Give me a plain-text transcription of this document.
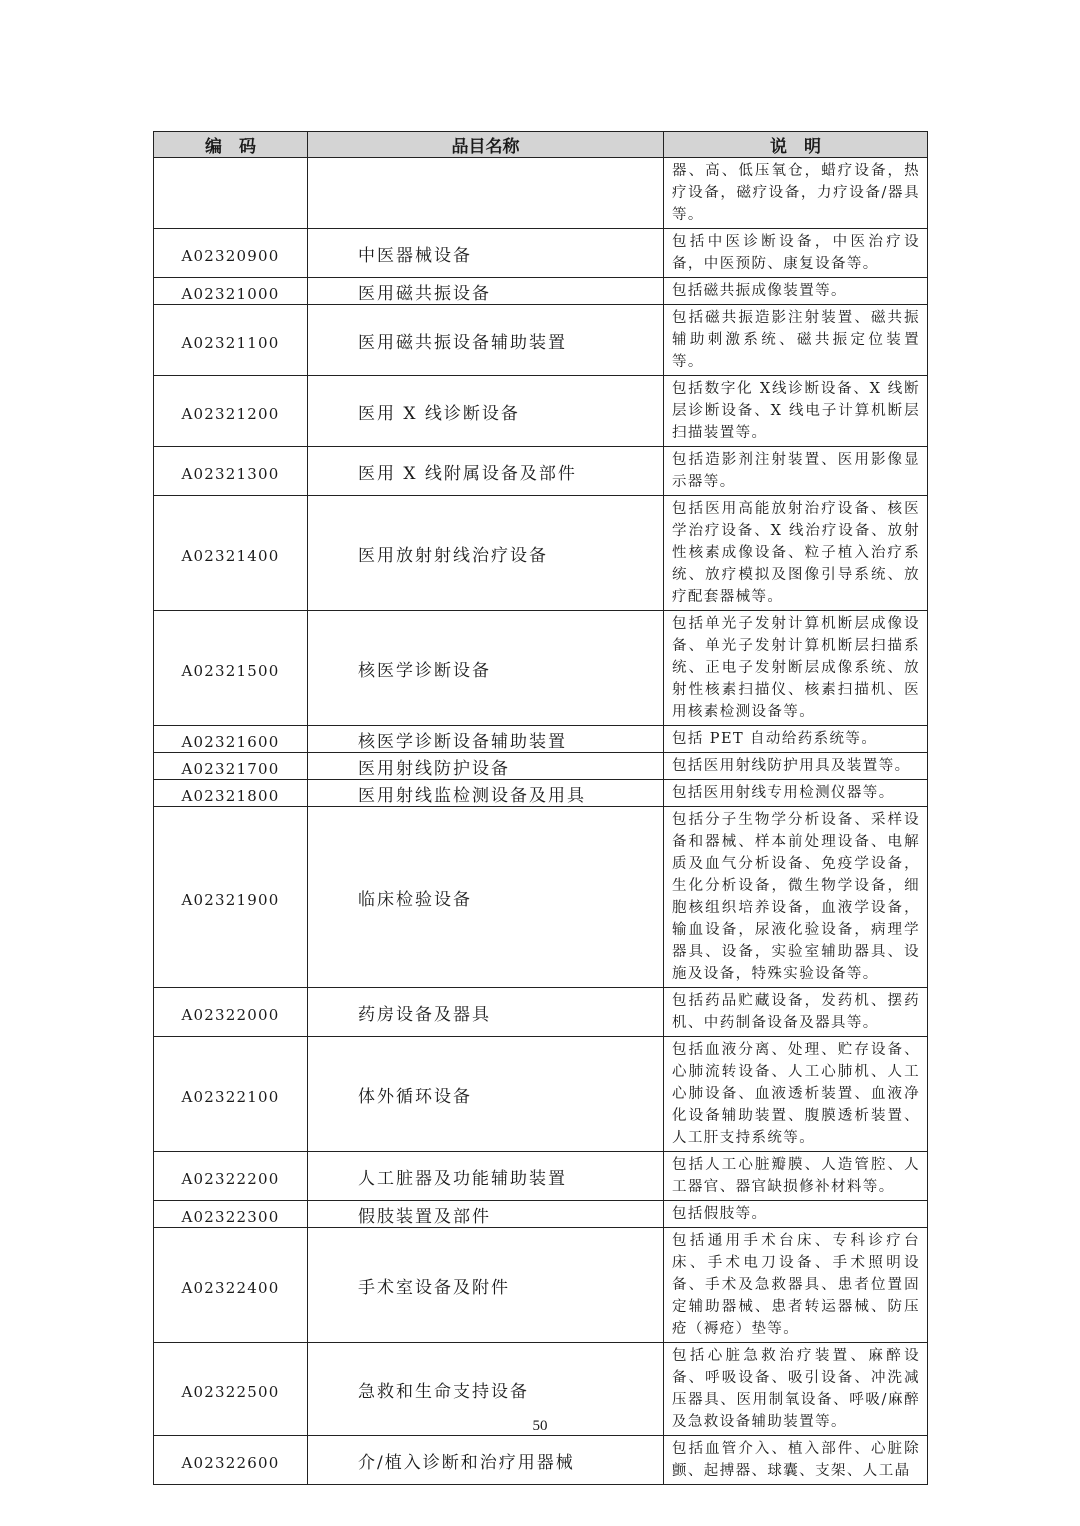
编　码	品目名称	说　明
		器、高、低压氧仓，蜡疗设备，热疗设备，磁疗设备，力疗设备/器具等。
A02320900	中医器械设备	包括中医诊断设备，中医治疗设备，中医预防、康复设备等。
A02321000	医用磁共振设备	包括磁共振成像装置等。
A02321100	医用磁共振设备辅助装置	包括磁共振造影注射装置、磁共振辅助刺激系统、磁共振定位装置等。
A02321200	医用 X 线诊断设备	包括数字化 X线诊断设备、X 线断层诊断设备、X 线电子计算机断层扫描装置等。
A02321300	医用 X 线附属设备及部件	包括造影剂注射装置、医用影像显示器等。
A02321400	医用放射射线治疗设备	包括医用高能放射治疗设备、核医学治疗设备、X 线治疗设备、放射性核素成像设备、粒子植入治疗系统、放疗模拟及图像引导系统、放疗配套器械等。
A02321500	核医学诊断设备	包括单光子发射计算机断层成像设备、单光子发射计算机断层扫描系统、正电子发射断层成像系统、放射性核素扫描仪、核素扫描机、医用核素检测设备等。
A02321600	核医学诊断设备辅助装置	包括 PET 自动给药系统等。
A02321700	医用射线防护设备	包括医用射线防护用具及装置等。
A02321800	医用射线监检测设备及用具	包括医用射线专用检测仪器等。
A02321900	临床检验设备	包括分子生物学分析设备、采样设备和器械、样本前处理设备、电解质及血气分析设备、免疫学设备，生化分析设备，微生物学设备，细胞核组织培养设备，血液学设备，输血设备，尿液化验设备，病理学器具、设备，实验室辅助器具、设施及设备，特殊实验设备等。
A02322000	药房设备及器具	包括药品贮藏设备，发药机、摆药机、中药制备设备及器具等。
A02322100	体外循环设备	包括血液分离、处理、贮存设备、心肺流转设备、人工心肺机、人工心肺设备、血液透析装置、血液净化设备辅助装置、腹膜透析装置、人工肝支持系统等。
A02322200	人工脏器及功能辅助装置	包括人工心脏瓣膜、人造管腔、人工器官、器官缺损修补材料等。
A02322300	假肢装置及部件	包括假肢等。
A02322400	手术室设备及附件	包括通用手术台床、专科诊疗台床、手术电刀设备、手术照明设备、手术及急救器具、患者位置固定辅助器械、患者转运器械、防压疮（褥疮）垫等。
A02322500	急救和生命支持设备	包括心脏急救治疗装置、麻醉设备、呼吸设备、吸引设备、冲洗减压器具、医用制氧设备、呼吸/麻醉及急救设备辅助装置等。
A02322600	介/植入诊断和治疗用器械	包括血管介入、植入部件、心脏除颤、起搏器、球囊、支架、人工晶
50
